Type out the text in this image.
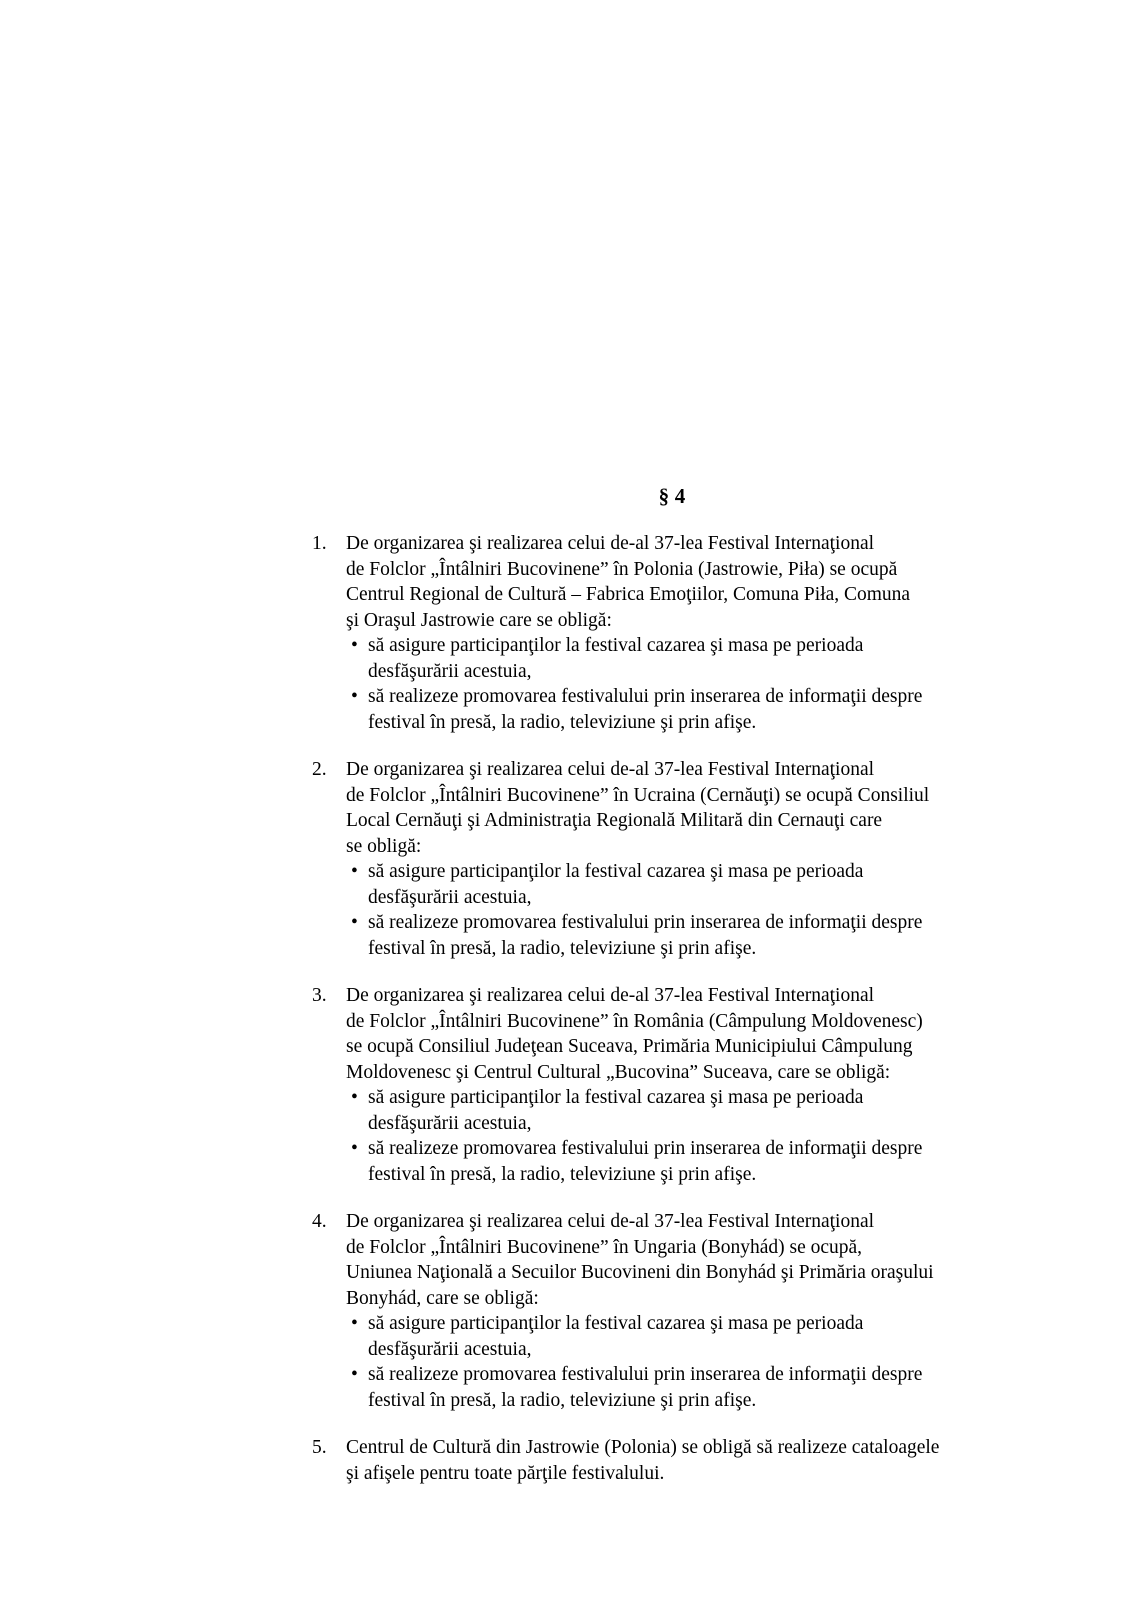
§ 4
1. De organizarea şi realizarea celui de-al 37-lea Festival Internaţional
de Folclor „Întâlniri Bucovinene” în Polonia (Jastrowie, Piła) se ocupă
Centrul Regional de Cultură – Fabrica Emoţiilor, Comuna Piła, Comuna
şi Oraşul Jastrowie care se obligă:
• să asigure participanţilor la festival cazarea şi masa pe perioada
desfăşurării acestuia,
• să realizeze promovarea festivalului prin inserarea de informaţii despre
festival în presă, la radio, televiziune şi prin afişe.
2. De organizarea şi realizarea celui de-al 37-lea Festival Internaţional
de Folclor „Întâlniri Bucovinene” în Ucraina (Cernăuţi) se ocupă Consiliul
Local Cernăuţi şi Administraţia Regională Militară din Cernauţi care
se obligă:
• să asigure participanţilor la festival cazarea şi masa pe perioada
desfăşurării acestuia,
• să realizeze promovarea festivalului prin inserarea de informaţii despre
festival în presă, la radio, televiziune şi prin afişe.
3. De organizarea şi realizarea celui de-al 37-lea Festival Internaţional
de Folclor „Întâlniri Bucovinene” în România (Câmpulung Moldovenesc)
se ocupă Consiliul Judeţean Suceava, Primăria Municipiului Câmpulung
Moldovenesc şi Centrul Cultural „Bucovina” Suceava, care se obligă:
• să asigure participanţilor la festival cazarea şi masa pe perioada
desfăşurării acestuia,
• să realizeze promovarea festivalului prin inserarea de informaţii despre
festival în presă, la radio, televiziune şi prin afişe.
4. De organizarea şi realizarea celui de-al 37-lea Festival Internaţional
de Folclor „Întâlniri Bucovinene” în Ungaria (Bonyhád) se ocupă,
Uniunea Naţională a Secuilor Bucovineni din Bonyhád şi Primăria oraşului
Bonyhád, care se obligă:
• să asigure participanţilor la festival cazarea şi masa pe perioada
desfăşurării acestuia,
• să realizeze promovarea festivalului prin inserarea de informaţii despre
festival în presă, la radio, televiziune şi prin afişe.
5. Centrul de Cultură din Jastrowie (Polonia) se obligă să realizeze cataloagele
şi afişele pentru toate părţile festivalului.
